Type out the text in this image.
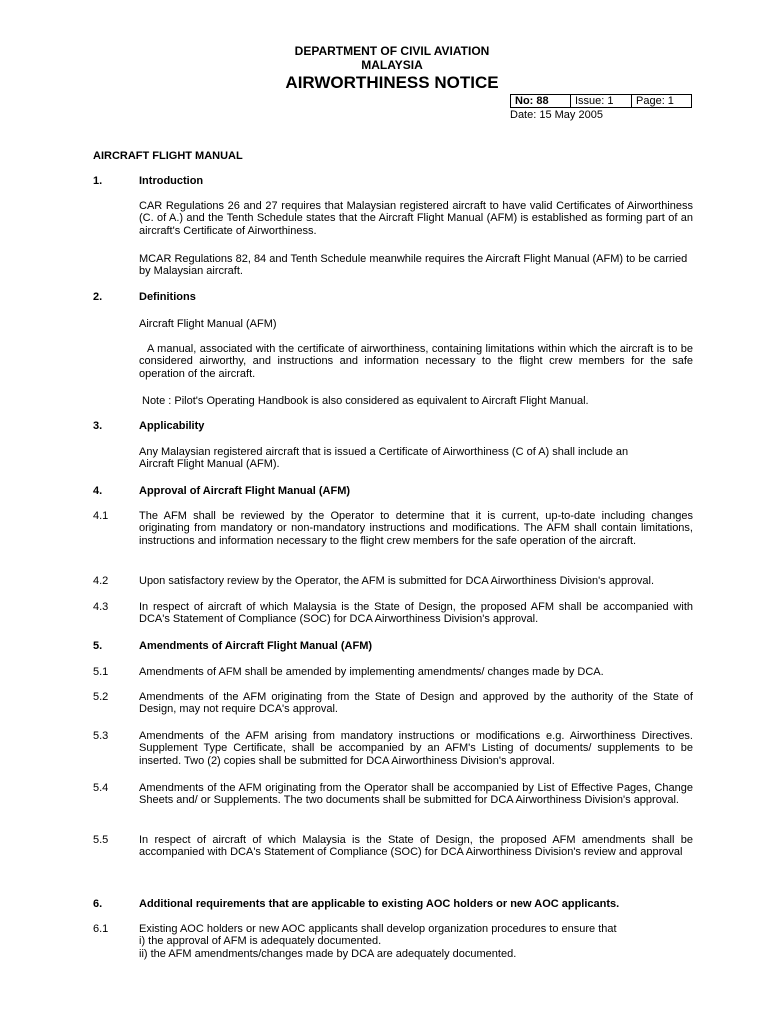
DEPARTMENT OF CIVIL AVIATION
MALAYSIA
AIRWORTHINESS NOTICE
No: 88	Issue: 1	Page: 1
Date: 15 May 2005
AIRCRAFT FLIGHT MANUAL
1.	Introduction
CAR Regulations 26 and 27 requires that Malaysian registered aircraft to have valid Certificates of Airworthiness (C. of A.) and the Tenth Schedule states that the Aircraft Flight Manual (AFM) is established as forming part of an aircraft's Certificate of Airworthiness.
MCAR Regulations 82, 84 and Tenth Schedule meanwhile requires the Aircraft Flight Manual (AFM) to be carried by Malaysian aircraft.
2.	Definitions
Aircraft Flight Manual (AFM)
A manual, associated with the certificate of airworthiness, containing limitations within which the aircraft is to be considered airworthy, and instructions and information necessary to the flight crew members for the safe operation of the aircraft.
Note : Pilot's Operating Handbook is also considered as equivalent to Aircraft Flight Manual.
3.	Applicability
Any Malaysian registered aircraft that is issued a Certificate of Airworthiness (C of A) shall include an Aircraft Flight Manual (AFM).
4.	Approval of Aircraft Flight Manual (AFM)
4.1	The AFM shall be reviewed by the Operator to determine that it is current, up-to-date including changes originating from mandatory or non-mandatory instructions and modifications. The AFM shall contain limitations, instructions and information necessary to the flight crew members for the safe operation of the aircraft.
4.2	Upon satisfactory review by the Operator, the AFM is submitted for DCA Airworthiness Division's approval.
4.3	In respect of aircraft of which Malaysia is the State of Design, the proposed AFM shall be accompanied with DCA's Statement of Compliance (SOC) for DCA Airworthiness Division's approval.
5.	Amendments of Aircraft Flight Manual (AFM)
5.1	Amendments of AFM shall be amended by implementing amendments/ changes made by DCA.
5.2	Amendments of the AFM originating from the State of Design and approved by the authority of the State of Design, may not require DCA's approval.
5.3	Amendments of the AFM arising from mandatory instructions or modifications e.g. Airworthiness Directives. Supplement Type Certificate, shall be accompanied by an AFM's Listing of documents/ supplements to be inserted. Two (2) copies shall be submitted for DCA Airworthiness Division's approval.
5.4	Amendments of the AFM originating from the Operator shall be accompanied by List of Effective Pages, Change Sheets and/ or Supplements. The two documents shall be submitted for DCA Airworthiness Division's approval.
5.5	In respect of aircraft of which Malaysia is the State of Design, the proposed AFM amendments shall be accompanied with DCA's Statement of Compliance (SOC) for DCA Airworthiness Division's review and approval
6.	Additional requirements that are applicable to existing AOC holders or new AOC applicants.
6.1	Existing AOC holders or new AOC applicants shall develop organization procedures to ensure that
i) the approval of AFM is adequately documented.
ii) the AFM amendments/changes made by DCA are adequately documented.
